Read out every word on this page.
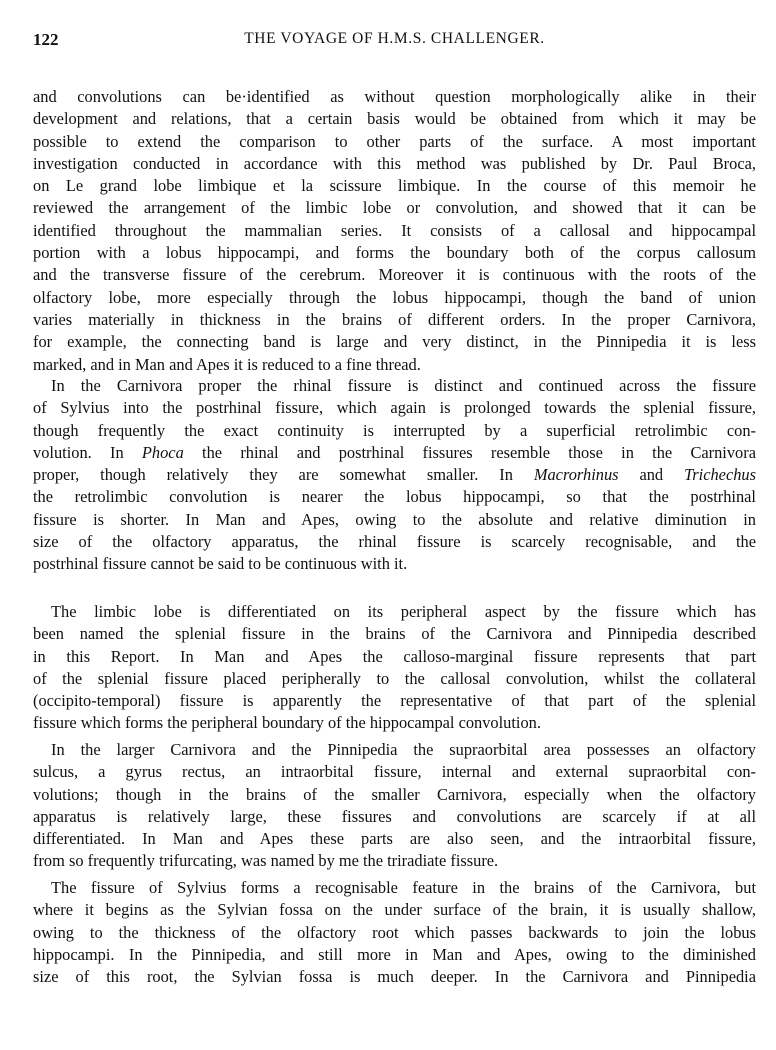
122	THE VOYAGE OF H.M.S. CHALLENGER.
and convolutions can be·identified as without question morphologically alike in their
development and relations, that a certain basis would be obtained from which it may be
possible to extend the comparison to other parts of the surface. A most important
investigation conducted in accordance with this method was published by Dr. Paul Broca,
on Le grand lobe limbique et la scissure limbique. In the course of this memoir he
reviewed the arrangement of the limbic lobe or convolution, and showed that it can be
identified throughout the mammalian series. It consists of a callosal and hippocampal
portion with a lobus hippocampi, and forms the boundary both of the corpus callosum
and the transverse fissure of the cerebrum. Moreover it is continuous with the roots of the
olfactory lobe, more especially through the lobus hippocampi, though the band of union
varies materially in thickness in the brains of different orders. In the proper Carnivora,
for example, the connecting band is large and very distinct, in the Pinnipedia it is less
marked, and in Man and Apes it is reduced to a fine thread.
In the Carnivora proper the rhinal fissure is distinct and continued across the fissure
of Sylvius into the postrhinal fissure, which again is prolonged towards the splenial fissure,
though frequently the exact continuity is interrupted by a superficial retrolimbic con-
volution. In Phoca the rhinal and postrhinal fissures resemble those in the Carnivora
proper, though relatively they are somewhat smaller. In Macrorhinus and Trichechus
the retrolimbic convolution is nearer the lobus hippocampi, so that the postrhinal
fissure is shorter. In Man and Apes, owing to the absolute and relative diminution in
size of the olfactory apparatus, the rhinal fissure is scarcely recognisable, and the
postrhinal fissure cannot be said to be continuous with it.
The limbic lobe is differentiated on its peripheral aspect by the fissure which has
been named the splenial fissure in the brains of the Carnivora and Pinnipedia described
in this Report. In Man and Apes the calloso-marginal fissure represents that part
of the splenial fissure placed peripherally to the callosal convolution, whilst the collateral
(occipito-temporal) fissure is apparently the representative of that part of the splenial
fissure which forms the peripheral boundary of the hippocampal convolution.
In the larger Carnivora and the Pinnipedia the supraorbital area possesses an olfactory
sulcus, a gyrus rectus, an intraorbital fissure, internal and external supraorbital con-
volutions; though in the brains of the smaller Carnivora, especially when the olfactory
apparatus is relatively large, these fissures and convolutions are scarcely if at all
differentiated. In Man and Apes these parts are also seen, and the intraorbital fissure,
from so frequently trifurcating, was named by me the triradiate fissure.
The fissure of Sylvius forms a recognisable feature in the brains of the Carnivora, but
where it begins as the Sylvian fossa on the under surface of the brain, it is usually shallow,
owing to the thickness of the olfactory root which passes backwards to join the lobus
hippocampi. In the Pinnipedia, and still more in Man and Apes, owing to the diminished
size of this root, the Sylvian fossa is much deeper. In the Carnivora and Pinnipedia
